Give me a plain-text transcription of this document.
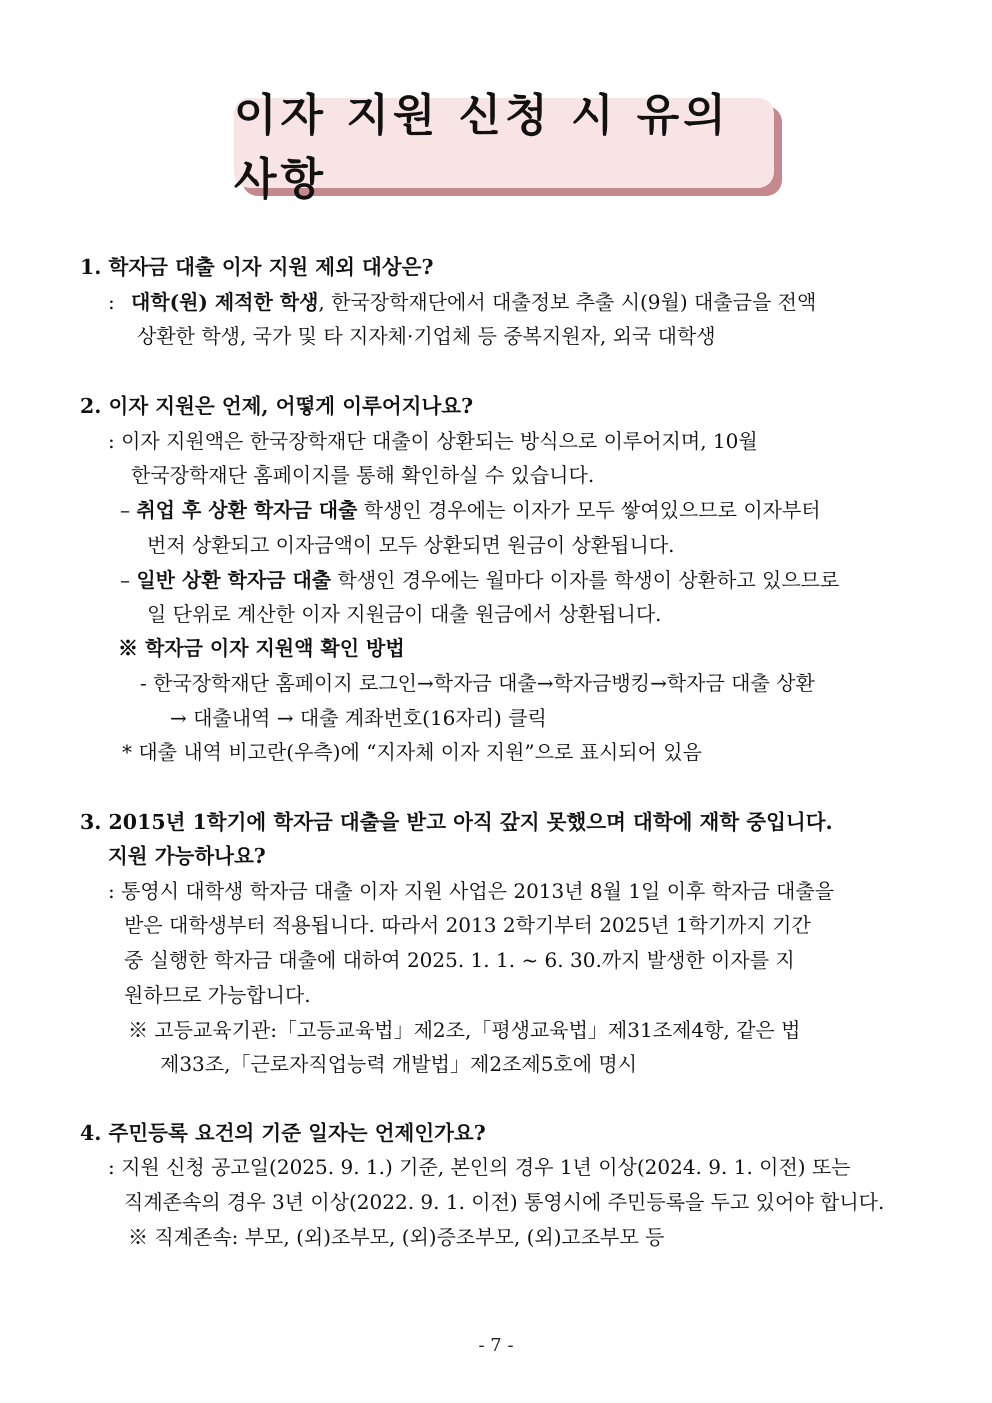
이자 지원 신청 시 유의사항
1. 학자금 대출 이자 지원 제외 대상은?
: 대학(원) 제적한 학생, 한국장학재단에서 대출정보 추출 시(9월) 대출금을 전액
상환한 학생, 국가 및 타 지자체·기업체 등 중복지원자, 외국 대학생
2. 이자 지원은 언제, 어떻게 이루어지나요?
: 이자 지원액은 한국장학재단 대출이 상환되는 방식으로 이루어지며, 10월
한국장학재단 홈페이지를 통해 확인하실 수 있습니다.
– 취업 후 상환 학자금 대출 학생인 경우에는 이자가 모두 쌓여있으므로 이자부터
번저 상환되고 이자금액이 모두 상환되면 원금이 상환됩니다.
– 일반 상환 학자금 대출 학생인 경우에는 월마다 이자를 학생이 상환하고 있으므로
일 단위로 계산한 이자 지원금이 대출 원금에서 상환됩니다.
※ 학자금 이자 지원액 확인 방법
- 한국장학재단 홈페이지 로그인→학자금 대출→학자금뱅킹→학자금 대출 상환
→ 대출내역 → 대출 계좌번호(16자리) 클릭
* 대출 내역 비고란(우측)에 “지자체 이자 지원”으로 표시되어 있음
3. 2015년 1학기에 학자금 대출을 받고 아직 갚지 못했으며 대학에 재학 중입니다.
지원 가능하나요?
: 통영시 대학생 학자금 대출 이자 지원 사업은 2013년 8월 1일 이후 학자금 대출을
받은 대학생부터 적용됩니다. 따라서 2013 2학기부터 2025년 1학기까지 기간
중 실행한 학자금 대출에 대하여 2025. 1. 1. ~ 6. 30.까지 발생한 이자를 지
원하므로 가능합니다.
※ 고등교육기관:「고등교육법」제2조,「평생교육법」제31조제4항, 같은 법
제33조,「근로자직업능력 개발법」제2조제5호에 명시
4. 주민등록 요건의 기준 일자는 언제인가요?
: 지원 신청 공고일(2025. 9. 1.) 기준, 본인의 경우 1년 이상(2024. 9. 1. 이전) 또는
직계존속의 경우 3년 이상(2022. 9. 1. 이전) 통영시에 주민등록을 두고 있어야 합니다.
※ 직계존속: 부모, (외)조부모, (외)증조부모, (외)고조부모 등
- 7 -
